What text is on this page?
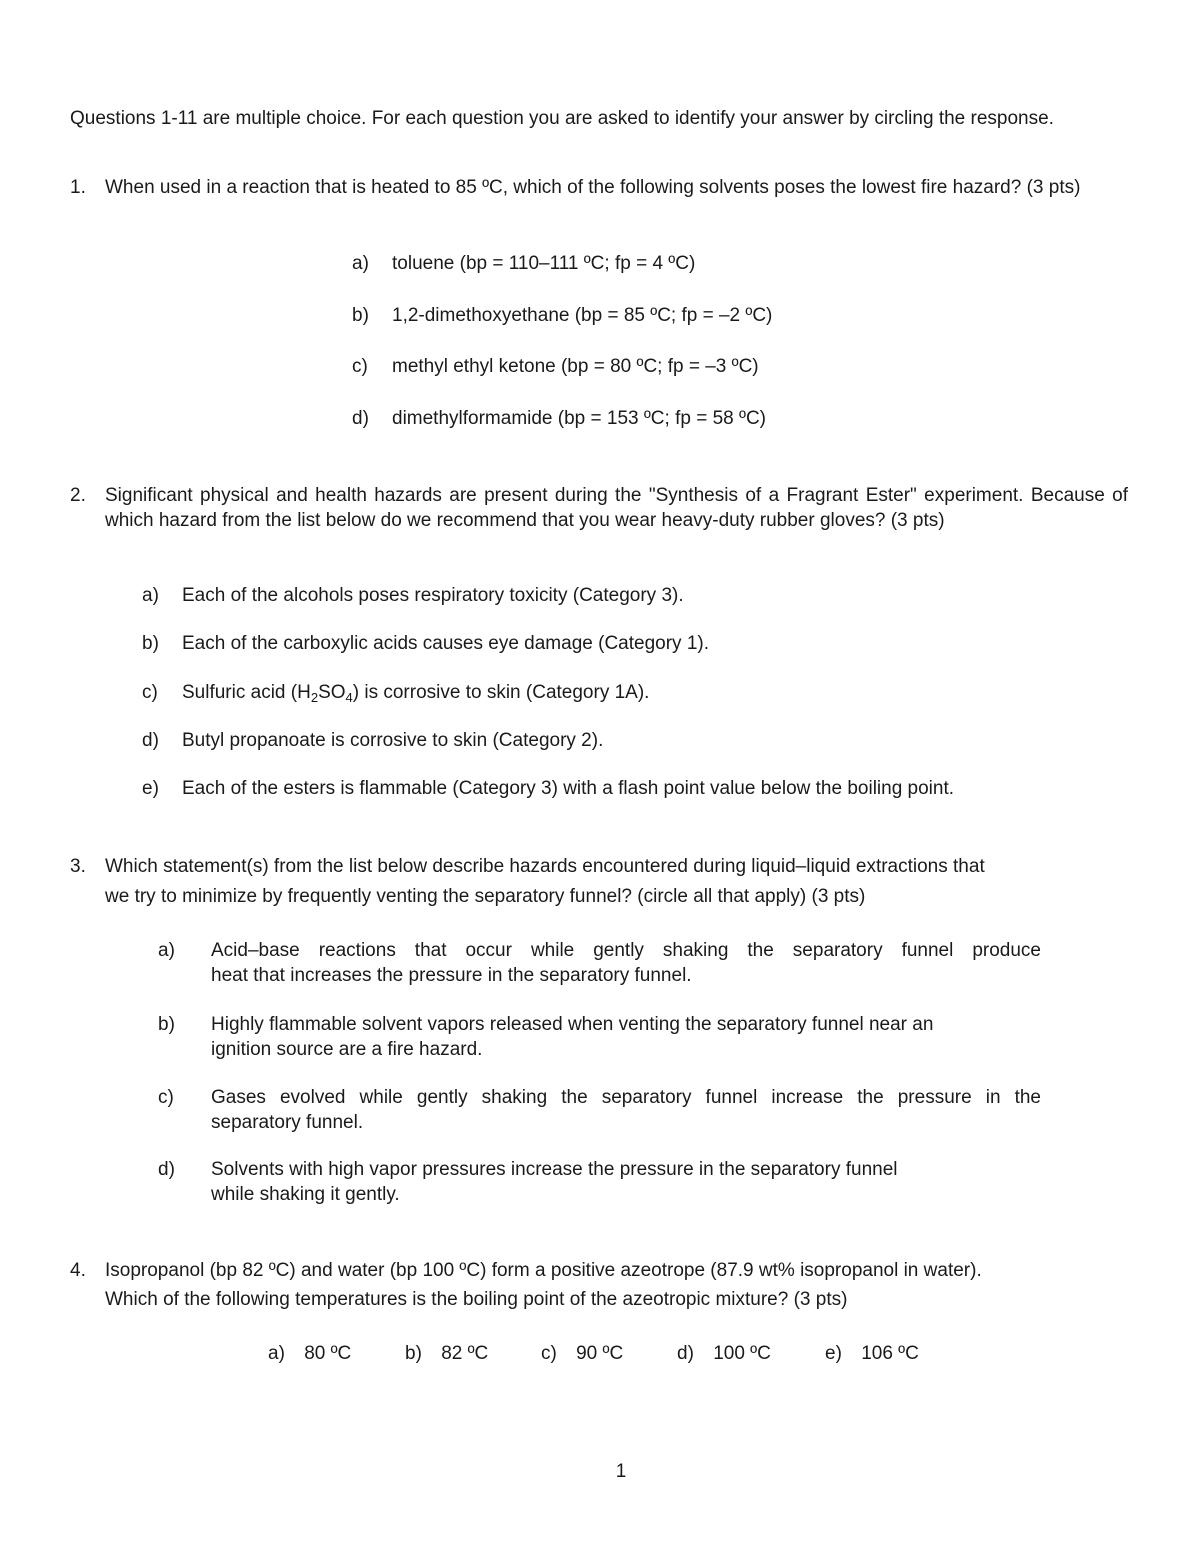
Questions 1-11 are multiple choice. For each question you are asked to identify your answer by circling the response.
1.	When used in a reaction that is heated to 85 ºC, which of the following solvents poses the lowest fire hazard? (3 pts)
a) toluene (bp = 110–111 ºC; fp = 4 ºC)
b) 1,2-dimethoxyethane (bp = 85 ºC; fp = –2 ºC)
c) methyl ethyl ketone (bp = 80 ºC; fp = –3 ºC)
d) dimethylformamide (bp = 153 ºC; fp = 58 ºC)
2.	Significant physical and health hazards are present during the "Synthesis of a Fragrant Ester" experiment. Because of which hazard from the list below do we recommend that you wear heavy-duty rubber gloves? (3 pts)
a) Each of the alcohols poses respiratory toxicity (Category 3).
b) Each of the carboxylic acids causes eye damage (Category 1).
c) Sulfuric acid $(H_2SO_4)$ is corrosive to skin (Category 1A).
d) Butyl propanoate is corrosive to skin (Category 2).
e) Each of the esters is flammable (Category 3) with a flash point value below the boiling point.
3.	Which statement(s) from the list below describe hazards encountered during liquid–liquid extractions that
we try to minimize by frequently venting the separatory funnel? (circle all that apply) (3 pts)
a) Acid–base reactions that occur while gently shaking the separatory funnel produce
heat that increases the pressure in the separatory funnel.
b) Highly flammable solvent vapors released when venting the separatory funnel near an
ignition source are a fire hazard.
c) Gases evolved while gently shaking the separatory funnel increase the pressure in the
separatory funnel.
d) Solvents with high vapor pressures increase the pressure in the separatory funnel
while shaking it gently.
4.	Isopropanol (bp 82 ºC) and water (bp 100 ºC) form a positive azeotrope (87.9 wt% isopropanol in water).
Which of the following temperatures is the boiling point of the azeotropic mixture? (3 pts)
a) 80 ºC	b) 82 ºC	c) 90 ºC	d) 100 ºC	e) 106 ºC
1
